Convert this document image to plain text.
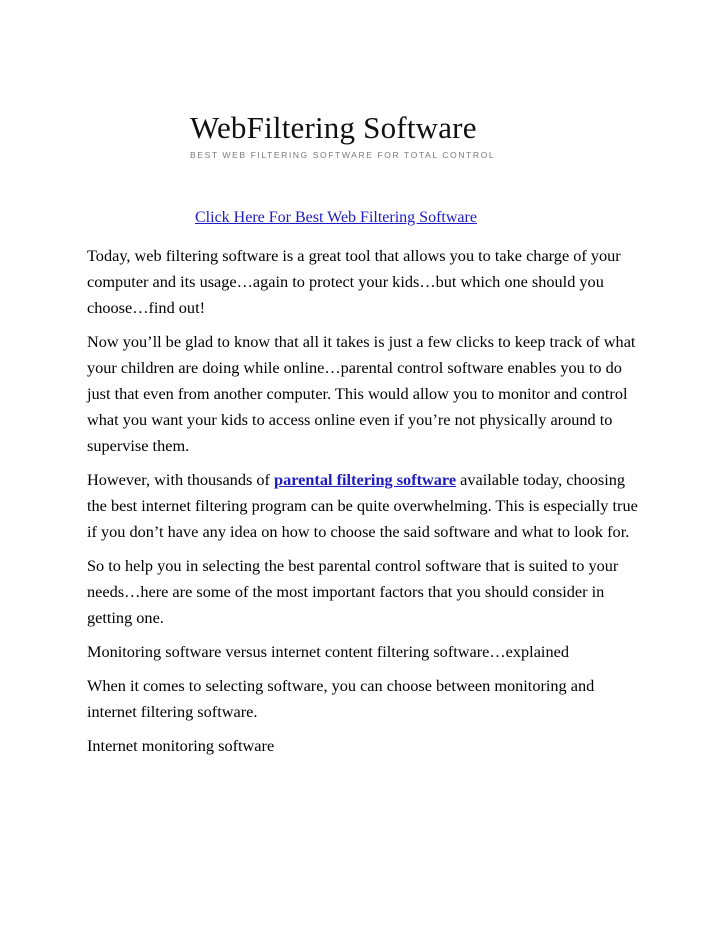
WebFiltering Software
BEST WEB FILTERING SOFTWARE FOR TOTAL CONTROL
Click Here For Best Web Filtering Software

Today, web filtering software is a great tool that allows you to take charge of your computer and its usage…again to protect your kids…but which one should you choose…find out!

Now you’ll be glad to know that all it takes is just a few clicks to keep track of what your children are doing while online…parental control software enables you to do just that even from another computer. This would allow you to monitor and control what you want your kids to access online even if you’re not physically around to supervise them.

However, with thousands of parental filtering software available today, choosing the best internet filtering program can be quite overwhelming. This is especially true if you don’t have any idea on how to choose the said software and what to look for.

So to help you in selecting the best parental control software that is suited to your needs…here are some of the most important factors that you should consider in getting one.

Monitoring software versus internet content filtering software…explained

When it comes to selecting software, you can choose between monitoring and internet filtering software.

Internet monitoring software
